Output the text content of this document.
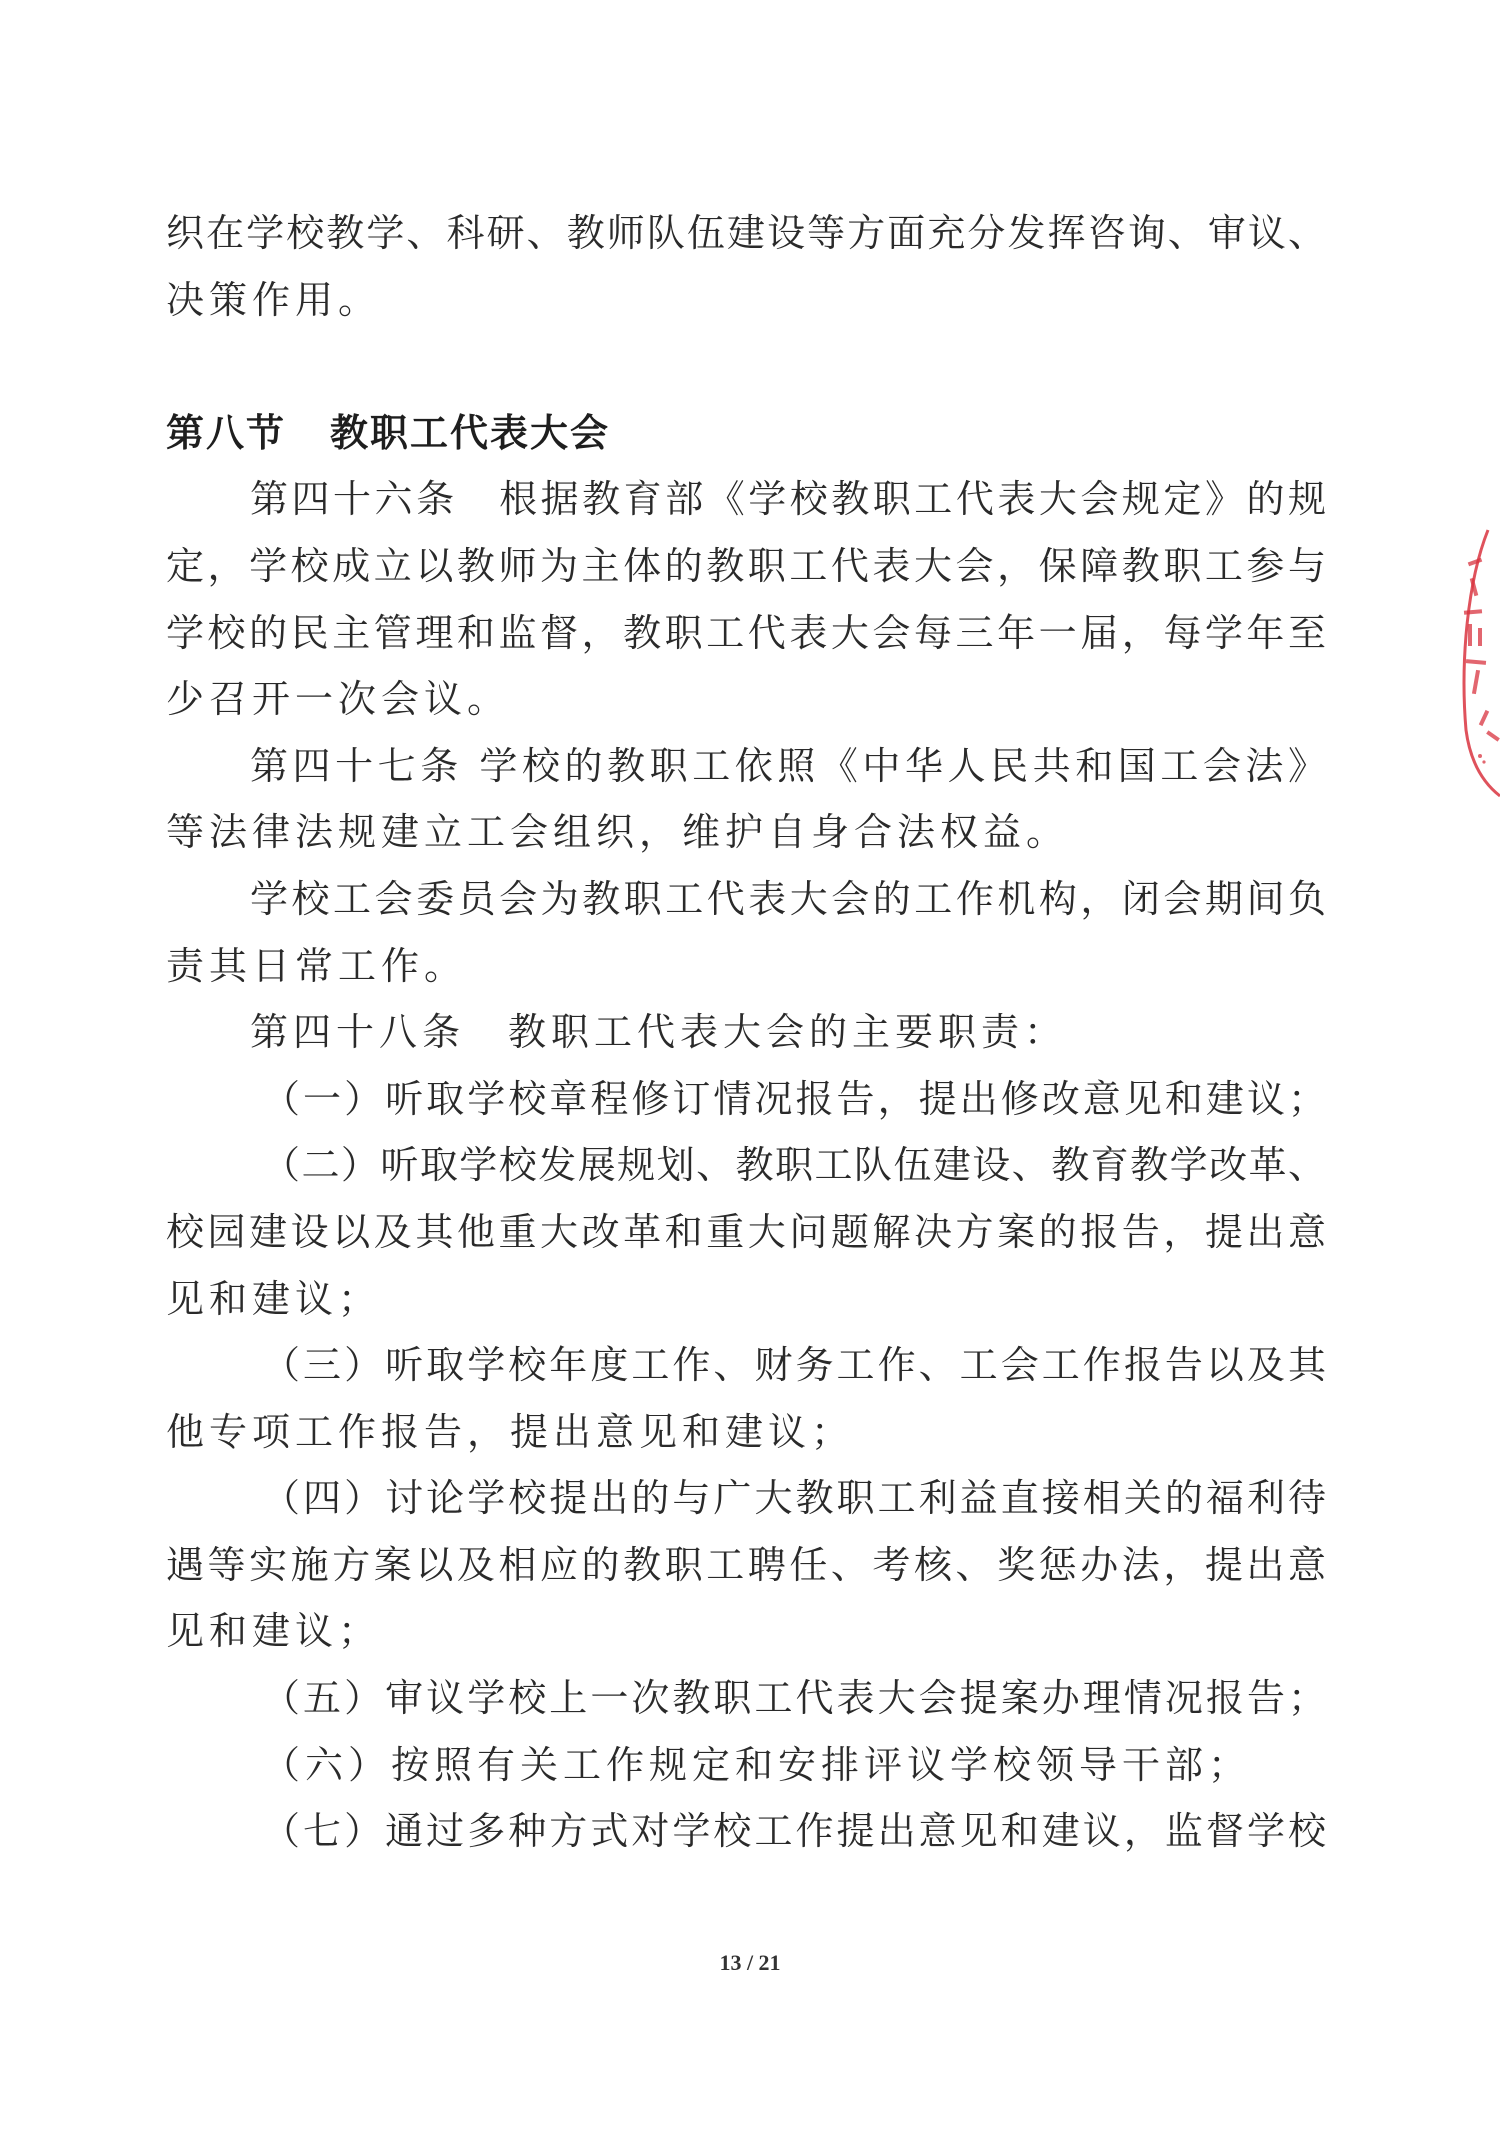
织在学校教学、科研、教师队伍建设等方面充分发挥咨询、审议、
决策作用。
第八节 教职工代表大会
第四十六条　根据教育部《学校教职工代表大会规定》的规
定，学校成立以教师为主体的教职工代表大会，保障教职工参与
学校的民主管理和监督，教职工代表大会每三年一届，每学年至
少召开一次会议。
第四十七条 学校的教职工依照《中华人民共和国工会法》
等法律法规建立工会组织，维护自身合法权益。
学校工会委员会为教职工代表大会的工作机构，闭会期间负
责其日常工作。
第四十八条　教职工代表大会的主要职责：
（一）听取学校章程修订情况报告，提出修改意见和建议；
（二）听取学校发展规划、教职工队伍建设、教育教学改革、
校园建设以及其他重大改革和重大问题解决方案的报告，提出意
见和建议；
（三）听取学校年度工作、财务工作、工会工作报告以及其
他专项工作报告，提出意见和建议；
（四）讨论学校提出的与广大教职工利益直接相关的福利待
遇等实施方案以及相应的教职工聘任、考核、奖惩办法，提出意
见和建议；
（五）审议学校上一次教职工代表大会提案办理情况报告；
（六）按照有关工作规定和安排评议学校领导干部；
（七）通过多种方式对学校工作提出意见和建议，监督学校
13 / 21
